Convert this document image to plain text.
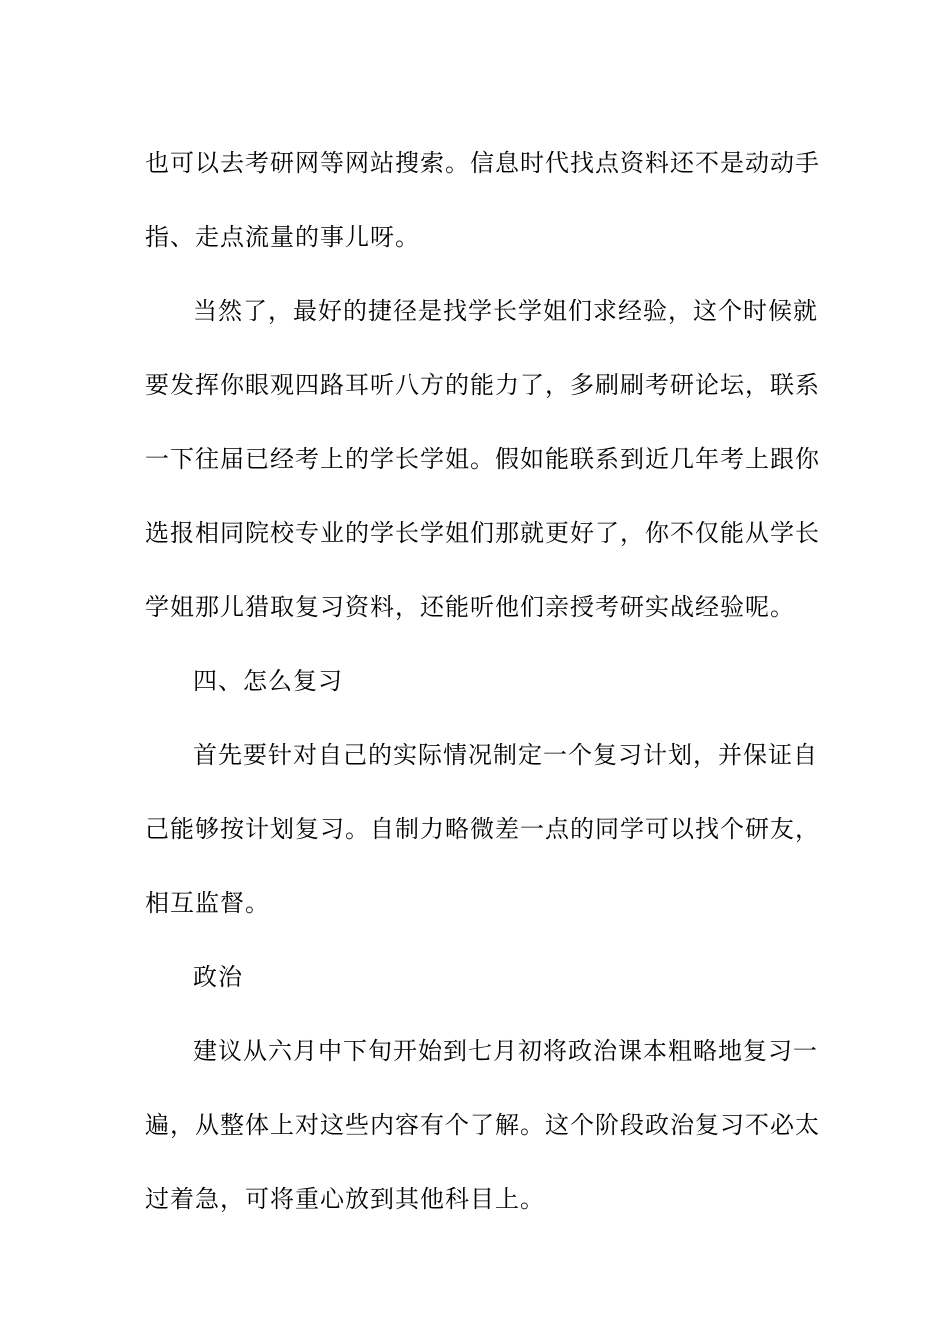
也可以去考研网等网站搜索。信息时代找点资料还不是动动手
指、走点流量的事儿呀。
当然了，最好的捷径是找学长学姐们求经验，这个时候就
要发挥你眼观四路耳听八方的能力了，多刷刷考研论坛，联系
一下往届已经考上的学长学姐。假如能联系到近几年考上跟你
选报相同院校专业的学长学姐们那就更好了，你不仅能从学长
学姐那儿猎取复习资料，还能听他们亲授考研实战经验呢。
四、怎么复习
首先要针对自己的实际情况制定一个复习计划，并保证自
己能够按计划复习。自制力略微差一点的同学可以找个研友，
相互监督。
政治
建议从六月中下旬开始到七月初将政治课本粗略地复习一
遍，从整体上对这些内容有个了解。这个阶段政治复习不必太
过着急，可将重心放到其他科目上。
